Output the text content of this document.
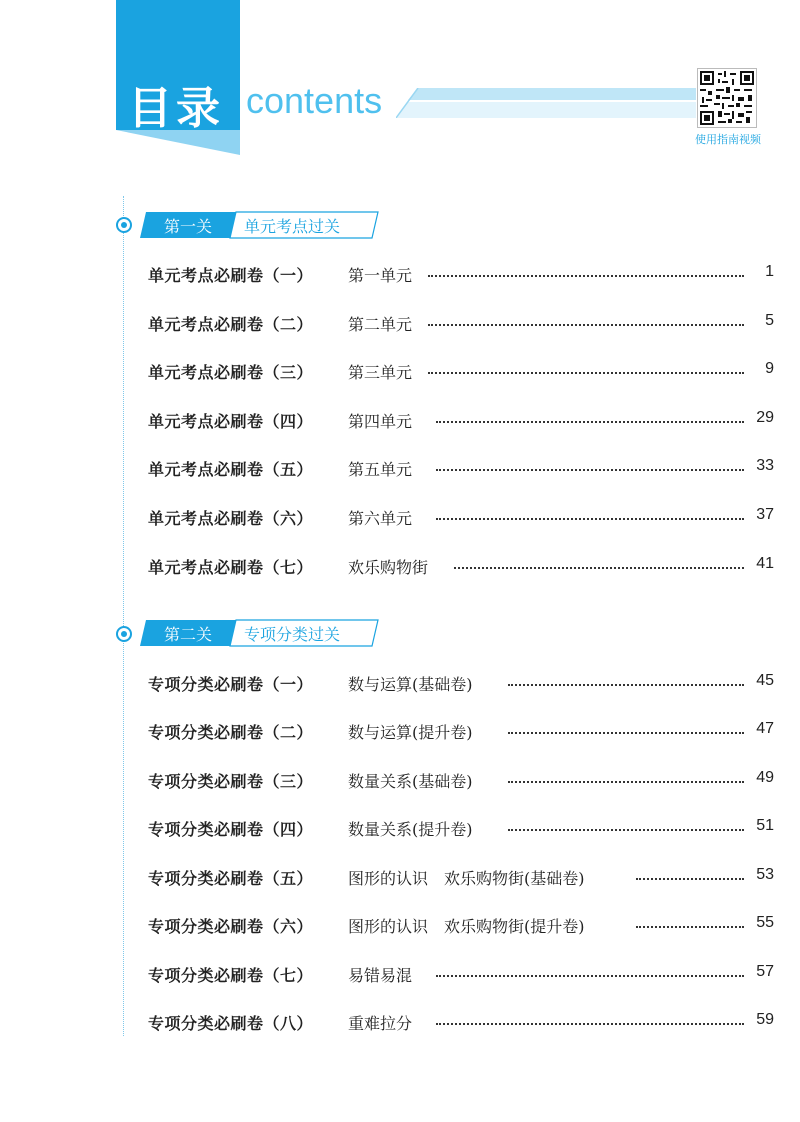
目录 contents
使用指南视频
第一关	单元考点过关
单元考点必刷卷（一） 第一单元	1
单元考点必刷卷（二） 第二单元	5
单元考点必刷卷（三） 第三单元	9
单元考点必刷卷（四） 第四单元	29
单元考点必刷卷（五） 第五单元	33
单元考点必刷卷（六） 第六单元	37
单元考点必刷卷（七） 欢乐购物街	41
第二关	专项分类过关
专项分类必刷卷（一） 数与运算(基础卷)	45
专项分类必刷卷（二） 数与运算(提升卷)	47
专项分类必刷卷（三） 数量关系(基础卷)	49
专项分类必刷卷（四） 数量关系(提升卷)	51
专项分类必刷卷（五） 图形的认识　欢乐购物街(基础卷)	53
专项分类必刷卷（六） 图形的认识　欢乐购物街(提升卷)	55
专项分类必刷卷（七） 易错易混	57
专项分类必刷卷（八） 重难拉分	59
